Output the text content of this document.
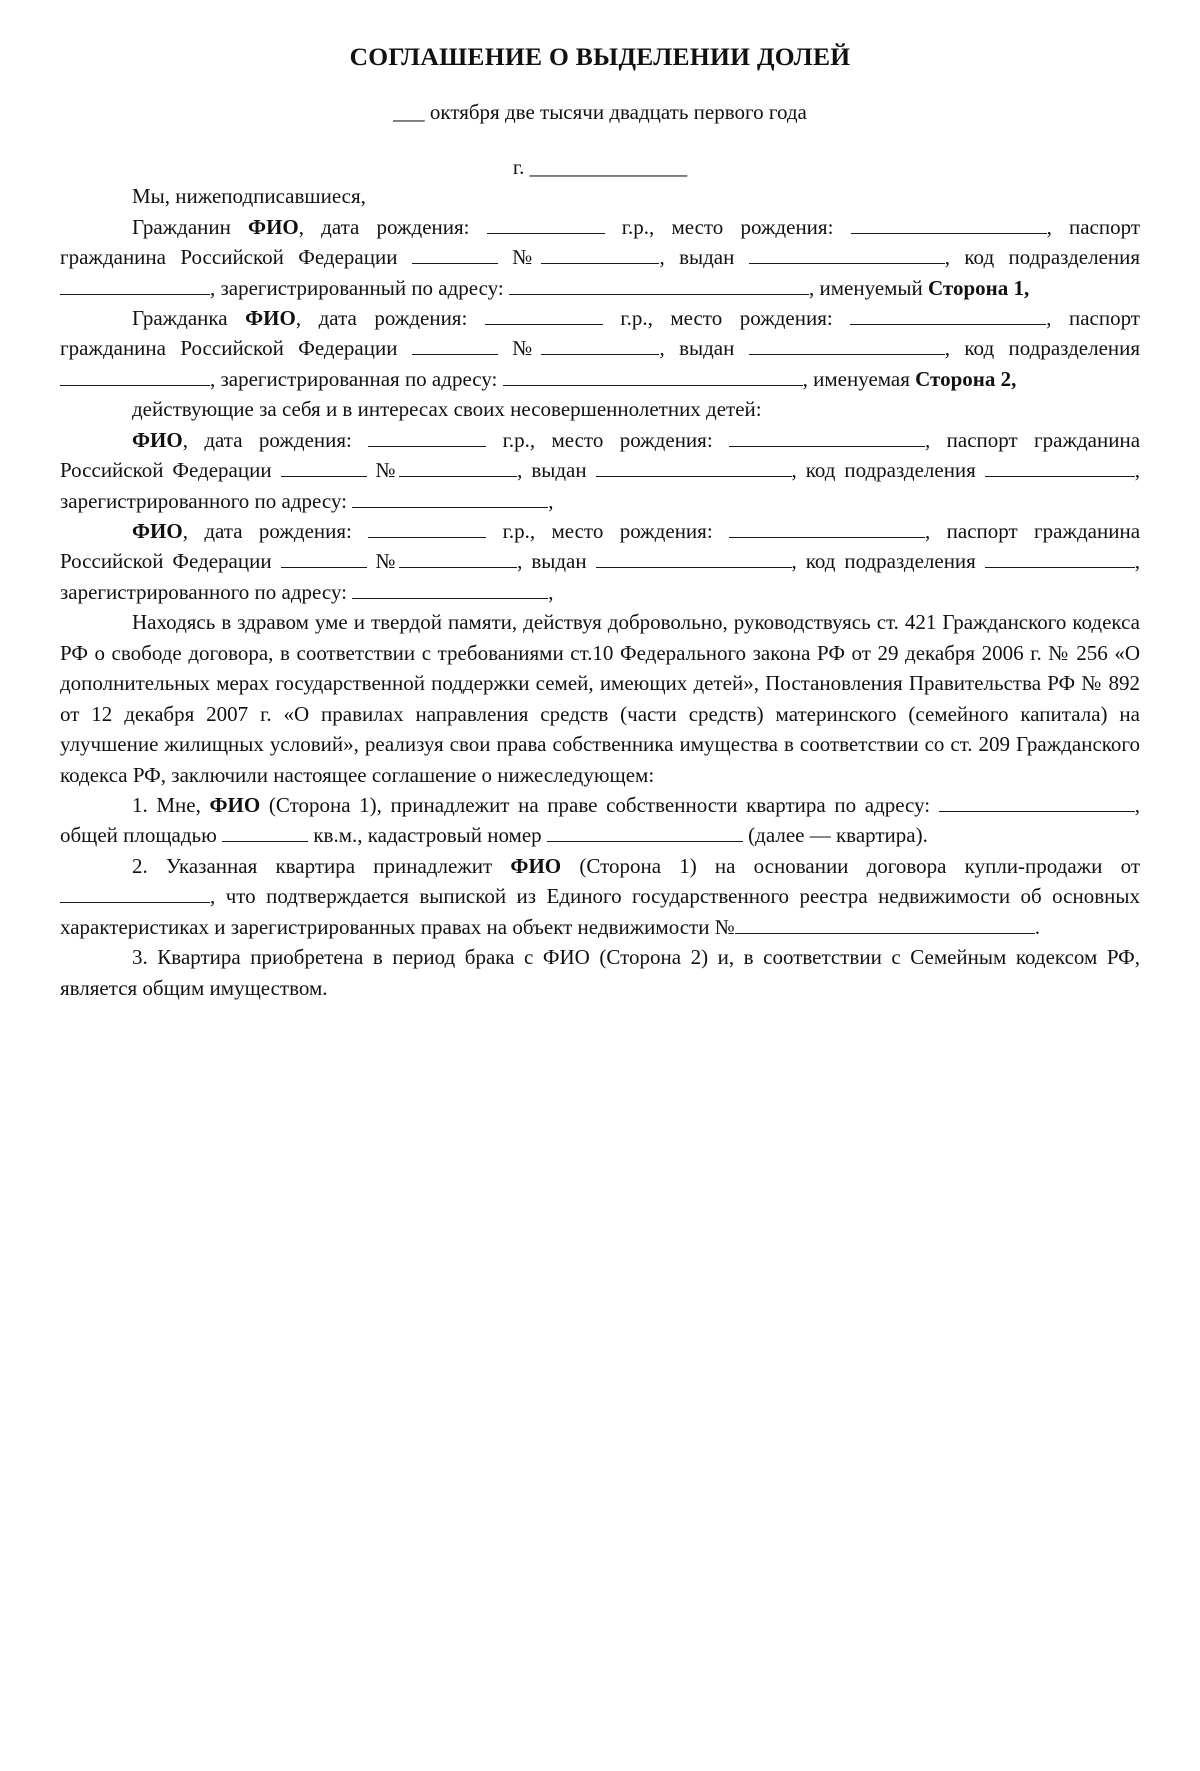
СОГЛАШЕНИЕ О ВЫДЕЛЕНИИ ДОЛЕЙ
___ октября две тысячи двадцать первого года
г. _______________

Мы, нижеподписавшиеся,

Гражданин ФИО, дата рождения:	г.р., место рождения:	, паспорт гражданина Российской Федерации	№	, выдан	, код подразделения , зарегистрированный по адресу:	, именуемый Сторона 1,

Гражданка ФИО, дата рождения:	г.р., место рождения:	, паспорт гражданина Российской Федерации	№	, выдан	, код подразделения , зарегистрированная по адресу:	, именуемая Сторона 2,

действующие за себя и в интересах своих несовершеннолетних детей:

ФИО, дата рождения:	г.р., место рождения:	, паспорт гражданина Российской Федерации	№	, выдан	, код подразделения	, зарегистрированного по адресу:	,

ФИО, дата рождения:	г.р., место рождения:	, паспорт гражданина Российской Федерации	№	, выдан	, код подразделения	, зарегистрированного по адресу:	,

Находясь в здравом уме и твердой памяти, действуя добровольно, руководствуясь ст. 421 Гражданского кодекса РФ о свободе договора, в соответствии с требованиями ст.10 Федерального закона РФ от 29 декабря 2006 г. № 256 «О дополнительных мерах государственной поддержки семей, имеющих детей», Постановления Правительства РФ № 892 от 12 декабря 2007 г. «О правилах направления средств (части средств) материнского (семейного капитала) на улучшение жилищных условий», реализуя свои права собственника имущества в соответствии со ст. 209 Гражданского кодекса РФ, заключили настоящее соглашение о нижеследующем:

1. Мне, ФИО (Сторона 1), принадлежит на праве собственности квартира по адресу:	, общей площадью	кв.м., кадастровый номер	(далее — квартира).

2. Указанная квартира принадлежит ФИО (Сторона 1) на основании договора купли-продажи от , что подтверждается выпиской из Единого государственного реестра недвижимости об основных характеристиках и зарегистрированных правах на объект недвижимости №	.

3. Квартира приобретена в период брака с ФИО (Сторона 2) и, в соответствии с Семейным кодексом РФ, является общим имуществом.
